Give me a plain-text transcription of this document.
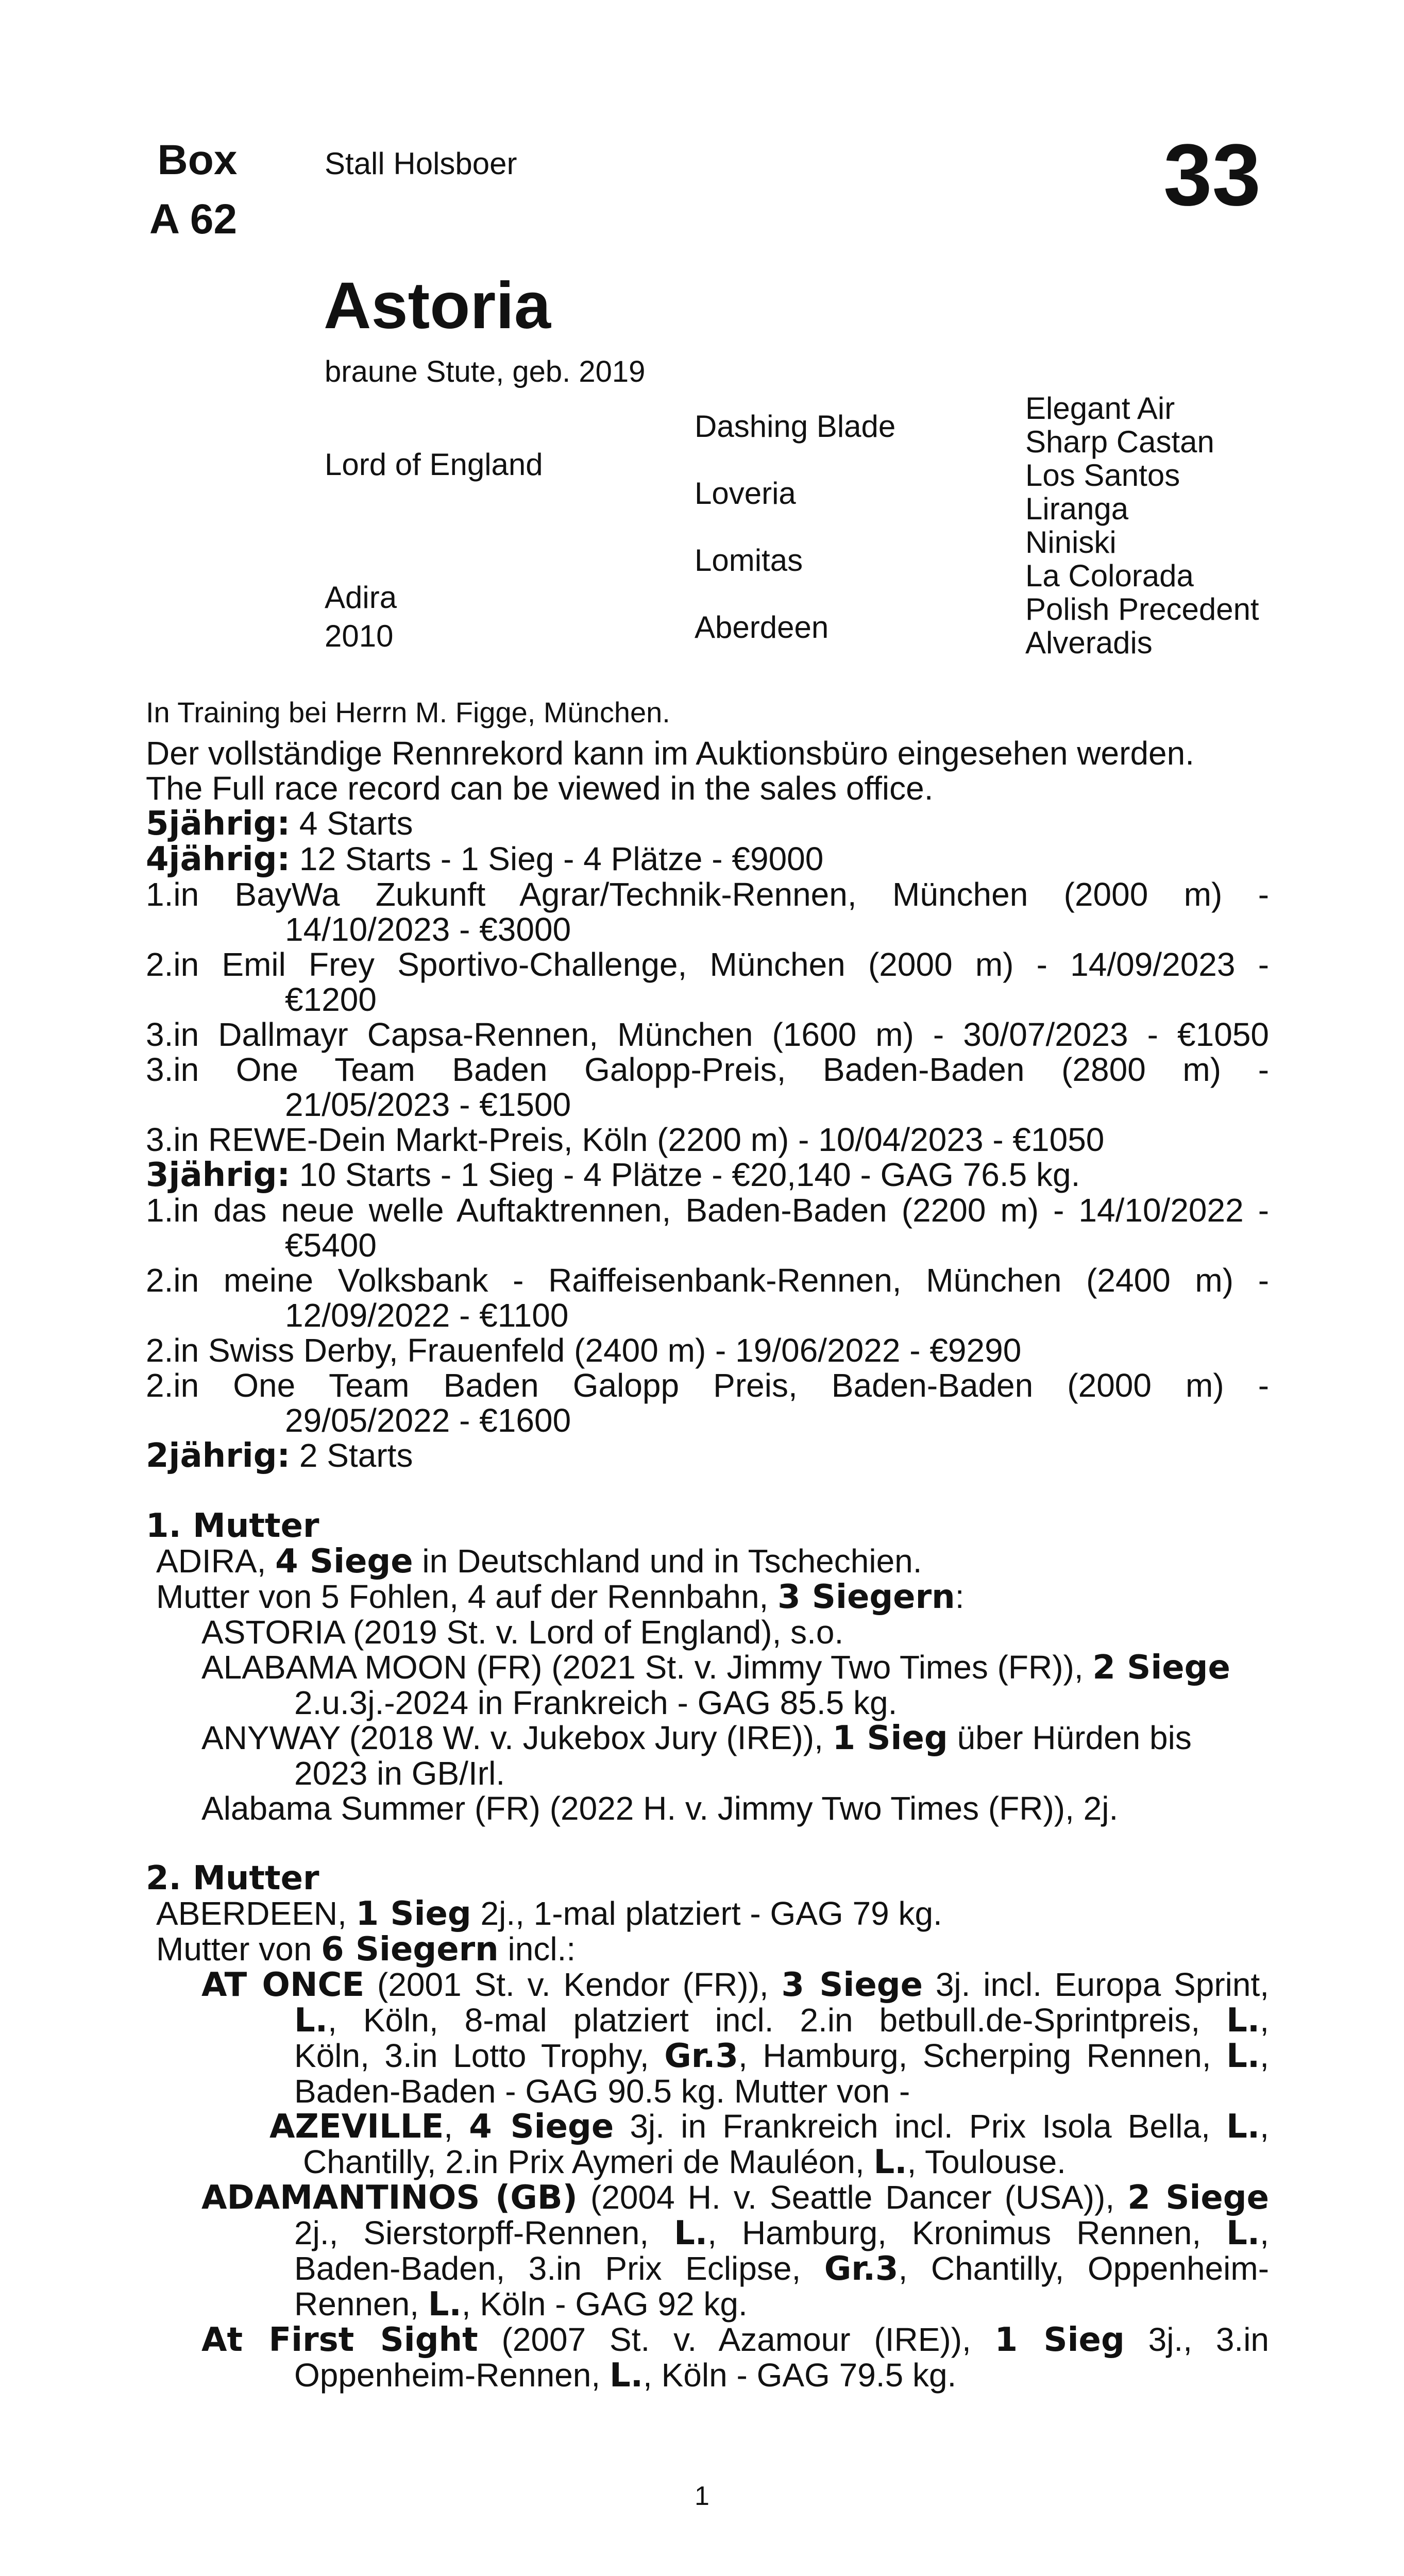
Box
A 62
Stall Holsboer	33
Astoria
braune Stute, geb. 2019
Lord of England
Adira
2010
Dashing Blade
Loveria
Lomitas
Aberdeen
Elegant Air
Sharp Castan
Los Santos
Liranga
Niniski
La Colorada
Polish Precedent
Alveradis
In Training bei Herrn M. Figge, München.
Der vollständige Rennrekord kann im Auktionsbüro eingesehen werden.
The Full race record can be viewed in the sales office.
5jährig: 4 Starts
4jährig: 12 Starts - 1 Sieg - 4 Plätze - €9000
1.in BayWa Zukunft Agrar/Technik-Rennen, München (2000 m) -
14/10/2023 - €3000
2.in Emil Frey Sportivo-Challenge, München (2000 m) - 14/09/2023 -
€1200
3.in Dallmayr Capsa-Rennen, München (1600 m) - 30/07/2023 - €1050
3.in One Team Baden Galopp-Preis, Baden-Baden (2800 m) -
21/05/2023 - €1500
3.in REWE-Dein Markt-Preis, Köln (2200 m) - 10/04/2023 - €1050
3jährig: 10 Starts - 1 Sieg - 4 Plätze - €20,140 - GAG 76.5 kg.
1.in das neue welle Auftaktrennen, Baden-Baden (2200 m) - 14/10/2022 -
€5400
2.in meine Volksbank - Raiffeisenbank-Rennen, München (2400 m) -
12/09/2022 - €1100
2.in Swiss Derby, Frauenfeld (2400 m) - 19/06/2022 - €9290
2.in One Team Baden Galopp Preis, Baden-Baden (2000 m) -
29/05/2022 - €1600
2jährig: 2 Starts
1. Mutter
ADIRA, 4 Siege in Deutschland und in Tschechien.
Mutter von 5 Fohlen, 4 auf der Rennbahn, 3 Siegern:
ASTORIA (2019 St. v. Lord of England), s.o.
ALABAMA MOON (FR) (2021 St. v. Jimmy Two Times (FR)), 2 Siege
2.u.3j.-2024 in Frankreich - GAG 85.5 kg.
ANYWAY (2018 W. v. Jukebox Jury (IRE)), 1 Sieg über Hürden bis
2023 in GB/Irl.
Alabama Summer (FR) (2022 H. v. Jimmy Two Times (FR)), 2j.
2. Mutter
ABERDEEN, 1 Sieg 2j., 1-mal platziert - GAG 79 kg.
Mutter von 6 Siegern incl.:
AT ONCE (2001 St. v. Kendor (FR)), 3 Siege 3j. incl. Europa Sprint,
L., Köln, 8-mal platziert incl. 2.in betbull.de-Sprintpreis, L.,
Köln, 3.in Lotto Trophy, Gr.3, Hamburg, Scherping Rennen, L.,
Baden-Baden - GAG 90.5 kg. Mutter von -
AZEVILLE, 4 Siege 3j. in Frankreich incl. Prix Isola Bella, L.,
Chantilly, 2.in Prix Aymeri de Mauléon, L., Toulouse.
ADAMANTINOS (GB) (2004 H. v. Seattle Dancer (USA)), 2 Siege
2j., Sierstorpff-Rennen, L., Hamburg, Kronimus Rennen, L.,
Baden-Baden, 3.in Prix Eclipse, Gr.3, Chantilly, Oppenheim-
Rennen, L., Köln - GAG 92 kg.
At First Sight (2007 St. v. Azamour (IRE)), 1 Sieg 3j., 3.in
Oppenheim-Rennen, L., Köln - GAG 79.5 kg.
1
